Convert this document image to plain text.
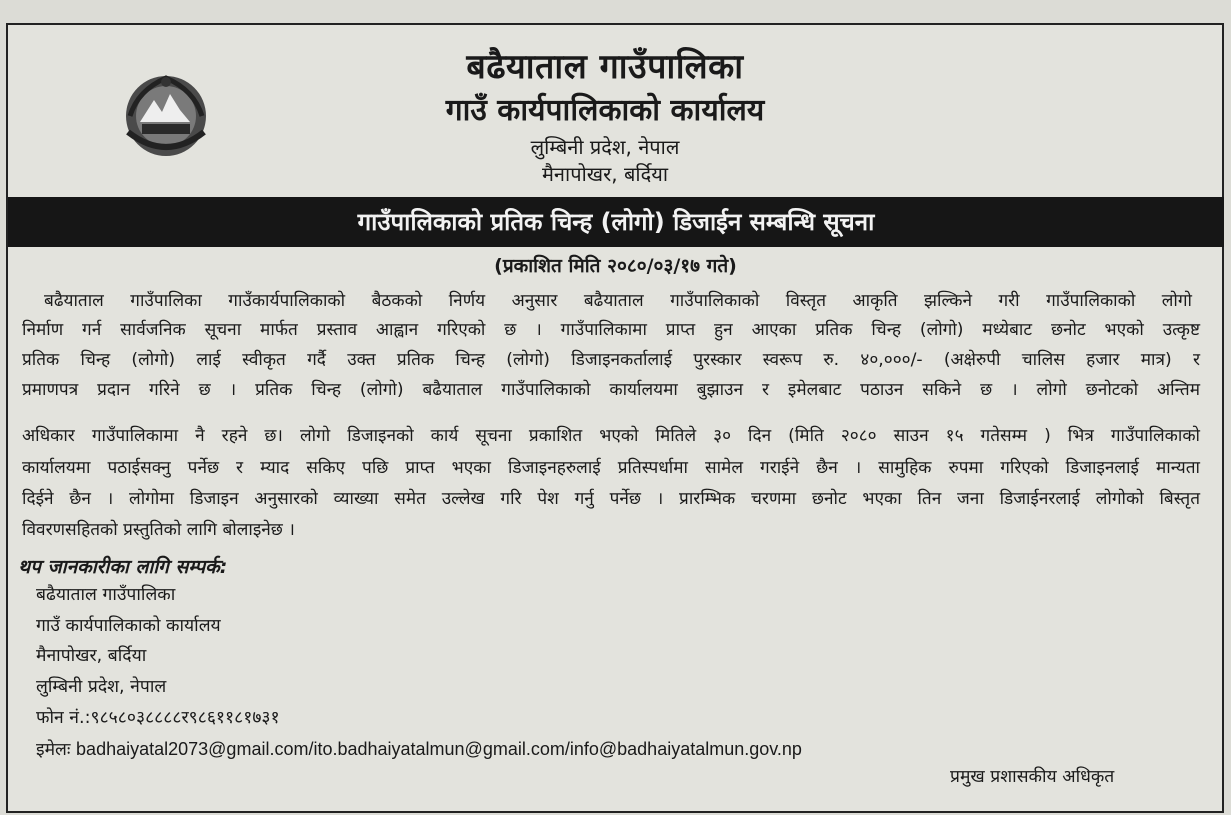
बढैयाताल गाउँपालिका
गाउँ कार्यपालिकाको कार्यालय
लुम्बिनी प्रदेश, नेपाल
मैनापोखर, बर्दिया
गाउँपालिकाको प्रतिक चिन्ह (लोगो) डिजाईन सम्बन्धि सूचना
(प्रकाशित मिति २०८०/०३/१७ गते)
बढैयाताल गाउँपालिका गाउँकार्यपालिकाको बैठकको निर्णय अनुसार बढैयाताल गाउँपालिकाको विस्तृत आकृति झल्किने गरी गाउँपालिकाको लोगो
निर्माण गर्न सार्वजनिक सूचना मार्फत प्रस्ताव आह्वान गरिएको छ । गाउँपालिकामा प्राप्त हुन आएका प्रतिक चिन्ह (लोगो) मध्येबाट छनोट भएको उत्कृष्ट
प्रतिक चिन्ह (लोगो) लाई स्वीकृत गर्दै उक्त प्रतिक चिन्ह (लोगो) डिजाइनकर्तालाई पुरस्कार स्वरूप रु. ४०,०००/- (अक्षेरुपी चालिस हजार मात्र) र
प्रमाणपत्र प्रदान गरिने छ । प्रतिक चिन्ह (लोगो) बढैयाताल गाउँपालिकाको कार्यालयमा बुझाउन र इमेलबाट पठाउन सकिने छ । लोगो छनोटको अन्तिम
अधिकार गाउँपालिकामा नै रहने छ। लोगो डिजाइनको कार्य सूचना प्रकाशित भएको मितिले ३० दिन (मिति २०८० साउन १५ गतेसम्म ) भित्र गाउँपालिकाको
कार्यालयमा पठाईसक्नु पर्नेछ र म्याद सकिए पछि प्राप्त भएका डिजाइनहरुलाई प्रतिस्पर्धामा सामेल गराईने छैन । सामुहिक रुपमा गरिएको डिजाइनलाई मान्यता
दिईने छैन । लोगोमा डिजाइन अनुसारको व्याख्या समेत उल्लेख गरि पेश गर्नु पर्नेछ । प्रारम्भिक चरणमा छनोट भएका तिन जना डिजाईनरलाई लोगोको बिस्तृत
विवरणसहितको प्रस्तुतिको लागि बोलाइनेछ ।
थप जानकारीका लागि सम्पर्क:
बढैयाताल गाउँपालिका
गाउँ कार्यपालिकाको कार्यालय
मैनापोखर, बर्दिया
लुम्बिनी प्रदेश, नेपाल
फोन नं.:९८५८०३८८८८र९८६११८१७३१
इमेलः badhaiyatal2073@gmail.com/ito.badhaiyatalmun@gmail.com/info@badhaiyatalmun.gov.np
प्रमुख प्रशासकीय अधिकृत
